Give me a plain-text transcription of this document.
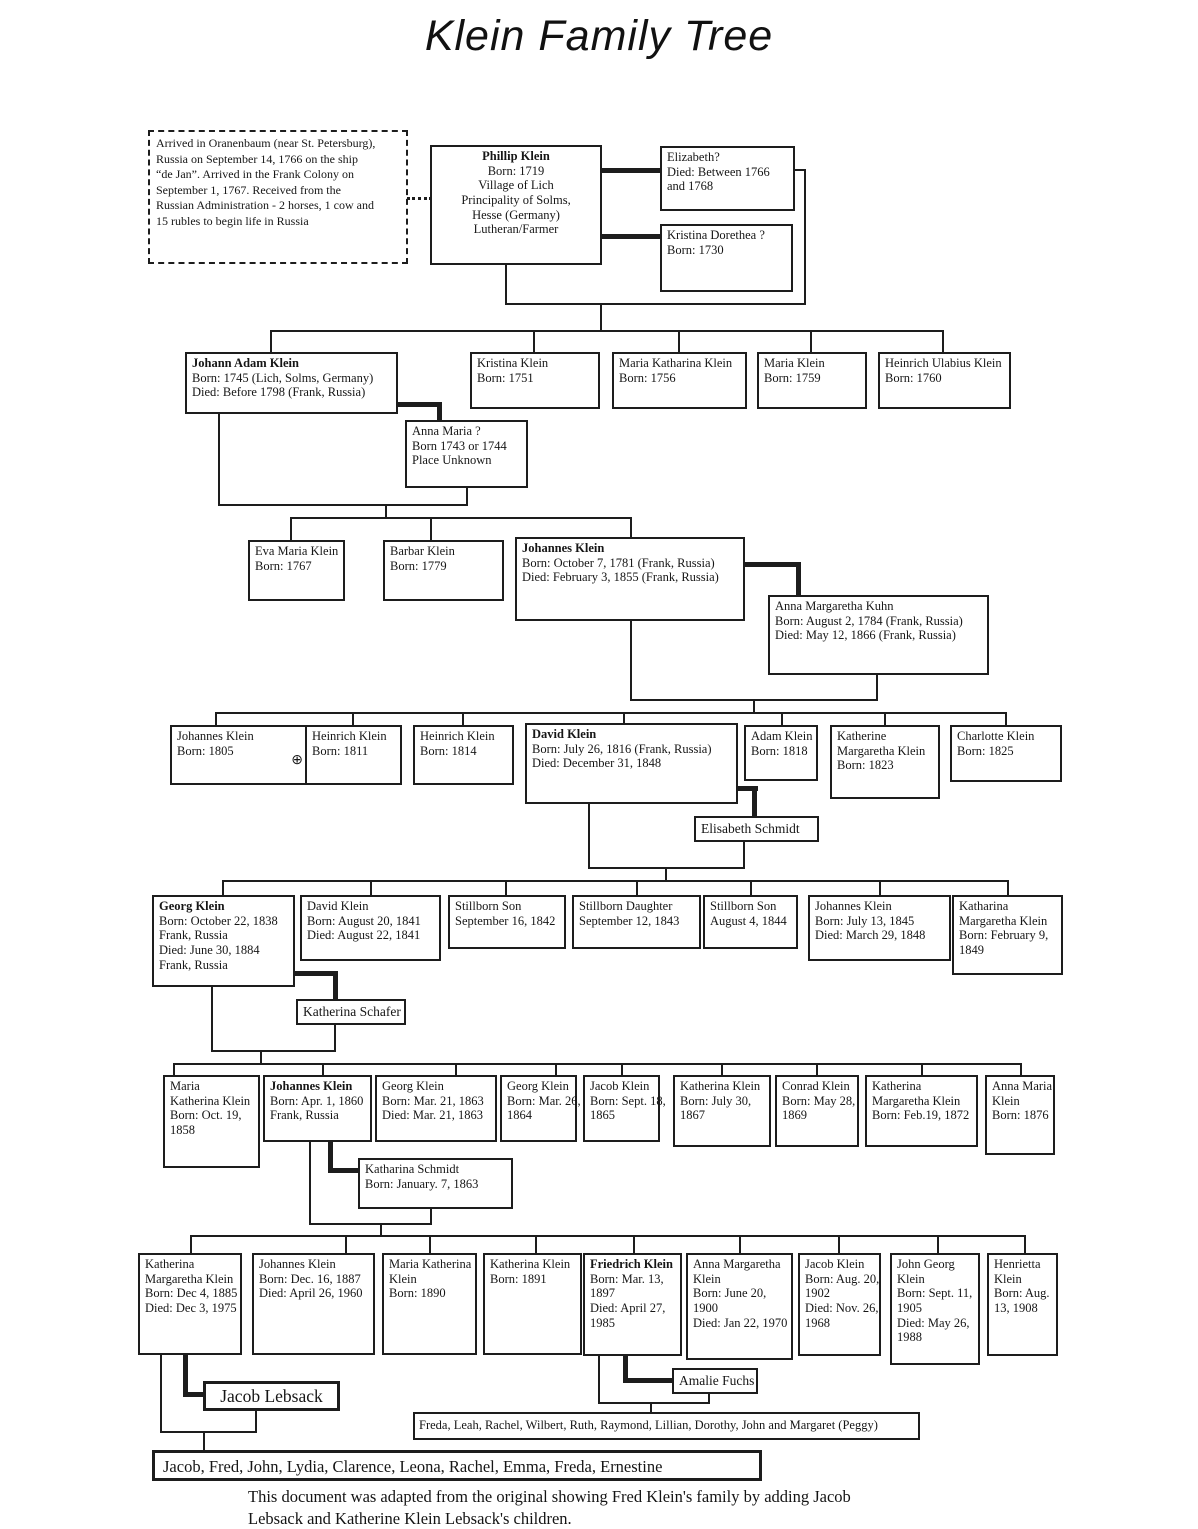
Klein Family Tree
Arrived in Oranenbaum (near St. Petersburg),
Russia on September 14, 1766 on the ship
“de Jan”. Arrived in the Frank Colony on
September 1, 1767. Received from the
Russian Administration - 2 horses, 1 cow and
15 rubles to begin life in Russia
Phillip Klein
Born: 1719
Village of Lich
Principality of Solms,
Hesse (Germany)
Lutheran/Farmer
Elizabeth?
Died: Between 1766
and 1768
Kristina Dorethea ?
Born: 1730
Johann Adam Klein
Born: 1745 (Lich, Solms, Germany)
Died: Before 1798 (Frank, Russia)
Kristina Klein
Born: 1751
Maria Katharina Klein
Born: 1756
Maria Klein
Born: 1759
Heinrich Ulabius Klein
Born: 1760
Anna Maria ?
Born 1743 or 1744
Place Unknown
Eva Maria Klein
Born: 1767
Barbar Klein
Born: 1779
Johannes Klein
Born: October 7, 1781 (Frank, Russia)
Died: February 3, 1855 (Frank, Russia)
Anna Margaretha Kuhn
Born: August 2, 1784 (Frank, Russia)
Died: May 12, 1866 (Frank, Russia)
Johannes Klein
Born: 1805
⊕
Heinrich Klein
Born: 1811
Heinrich Klein
Born: 1814
David Klein
Born: July 26, 1816 (Frank, Russia)
Died: December 31, 1848
Adam Klein
Born: 1818
Katherine
Margaretha Klein
Born: 1823
Charlotte Klein
Born: 1825
Elisabeth Schmidt
Georg Klein
Born: October 22, 1838
Frank, Russia
Died: June 30, 1884
Frank, Russia
David Klein
Born: August 20, 1841
Died: August 22, 1841
Stillborn Son
September 16, 1842
Stillborn Daughter
September 12, 1843
Stillborn Son
August 4, 1844
Johannes Klein
Born: July 13, 1845
Died: March 29, 1848
Katharina
Margaretha Klein
Born: February 9,
1849
Katherina Schafer
Maria
Katherina Klein
Born: Oct. 19,
1858
Johannes Klein
Born: Apr. 1, 1860
Frank, Russia
Georg Klein
Born: Mar. 21, 1863
Died: Mar. 21, 1863
Georg Klein
Born: Mar. 26,
1864
Jacob Klein
Born: Sept. 18,
1865
Katherina Klein
Born: July 30,
1867
Conrad Klein
Born: May 28,
1869
Katherina
Margaretha Klein
Born: Feb.19, 1872
Anna Maria
Klein
Born: 1876
Katharina Schmidt
Born: January. 7, 1863
Katherina
Margaretha Klein
Born: Dec 4, 1885
Died: Dec 3, 1975
Johannes Klein
Born: Dec. 16, 1887
Died: April 26, 1960
Maria Katherina
Klein
Born: 1890
Katherina Klein
Born: 1891
Friedrich Klein
Born: Mar. 13,
1897
Died: April 27,
1985
Anna Margaretha
Klein
Born: June 20,
1900
Died: Jan 22, 1970
Jacob Klein
Born: Aug. 20,
1902
Died: Nov. 26,
1968
John Georg
Klein
Born: Sept. 11,
1905
Died: May 26,
1988
Henrietta
Klein
Born: Aug.
13, 1908
Jacob Lebsack
Jacob, Fred, John, Lydia, Clarence, Leona, Rachel, Emma, Freda, Ernestine
Amalie Fuchs
Freda, Leah, Rachel, Wilbert, Ruth, Raymond, Lillian, Dorothy, John and Margaret (Peggy)
This document was adapted from the original showing Fred Klein's family by adding Jacob
Lebsack and Katherine Klein Lebsack's children.
